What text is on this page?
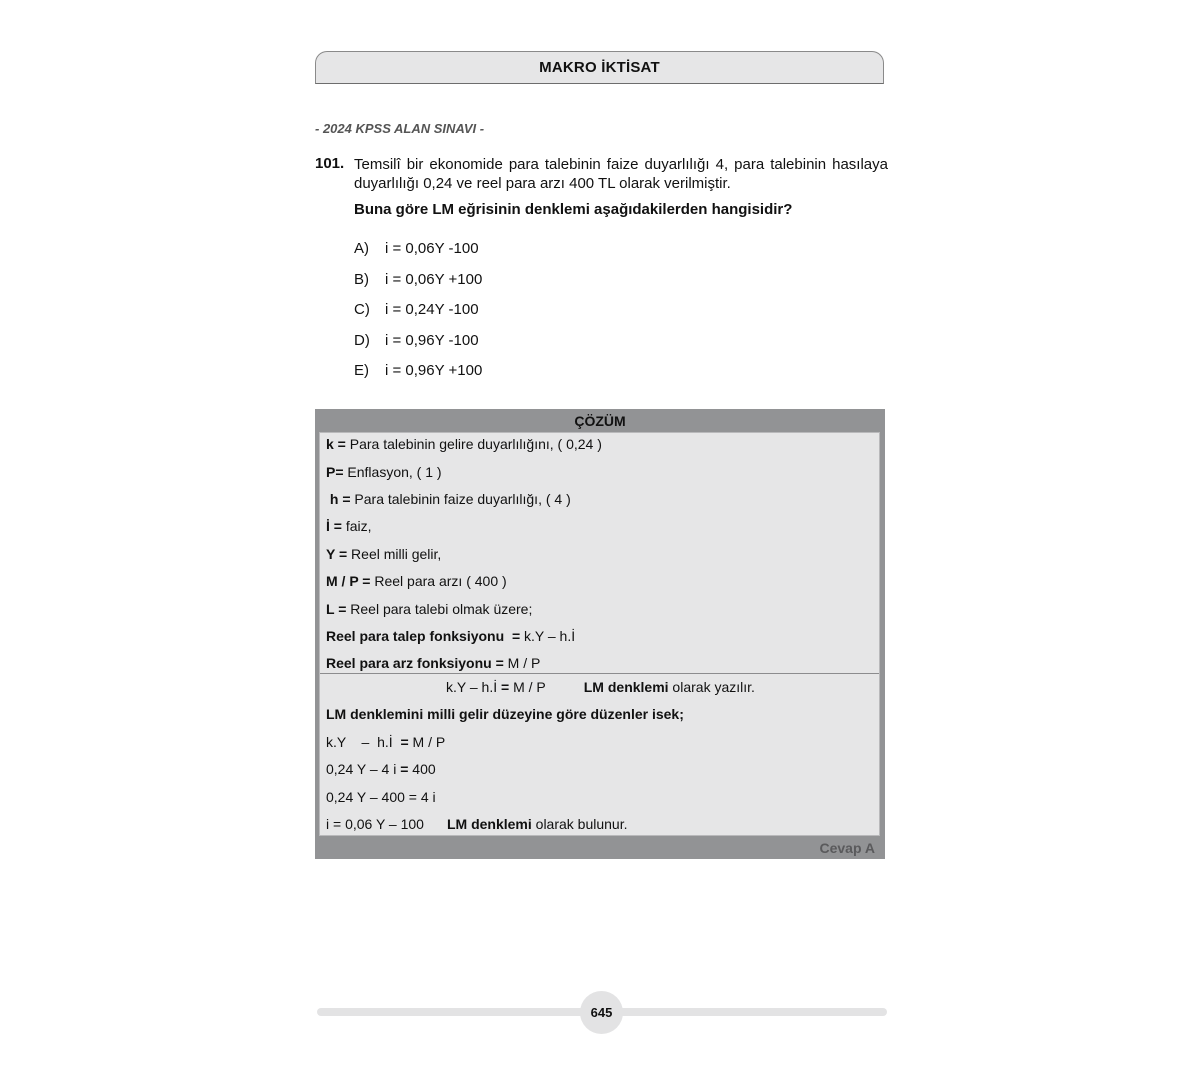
MAKRO İKTİSAT
- 2024 KPSS ALAN SINAVI -
101. Temsilî bir ekonomide para talebinin faize duyarlılığı 4, para talebinin hasılaya duyarlılığı 0,24 ve reel para arzı 400 TL olarak verilmiştir.
Buna göre LM eğrisinin denklemi aşağıdakilerden hangisidir?
A) i = 0,06Y -100
B) i = 0,06Y +100
C) i = 0,24Y -100
D) i = 0,96Y -100
E) i = 0,96Y +100
ÇÖZÜM
k = Para talebinin gelire duyarlılığını, ( 0,24 )
P= Enflasyon, ( 1 )
h = Para talebinin faize duyarlılığı, ( 4 )
İ = faiz,
Y = Reel milli gelir,
M / P = Reel para arzı ( 400 )
L = Reel para talebi olmak üzere;
Reel para talep fonksiyonu  = k.Y – h.İ
Reel para arz fonksiyonu = M / P
k.Y – h.İ = M / P	LM denklemi olarak yazılır.
LM denklemini milli gelir düzeyine göre düzenler isek;
k.Y    –  h.İ  = M / P
0,24 Y – 4 i = 400
0,24 Y – 400 = 4 i
i = 0,06 Y – 100 LM denklemi olarak bulunur.
Cevap A
645
